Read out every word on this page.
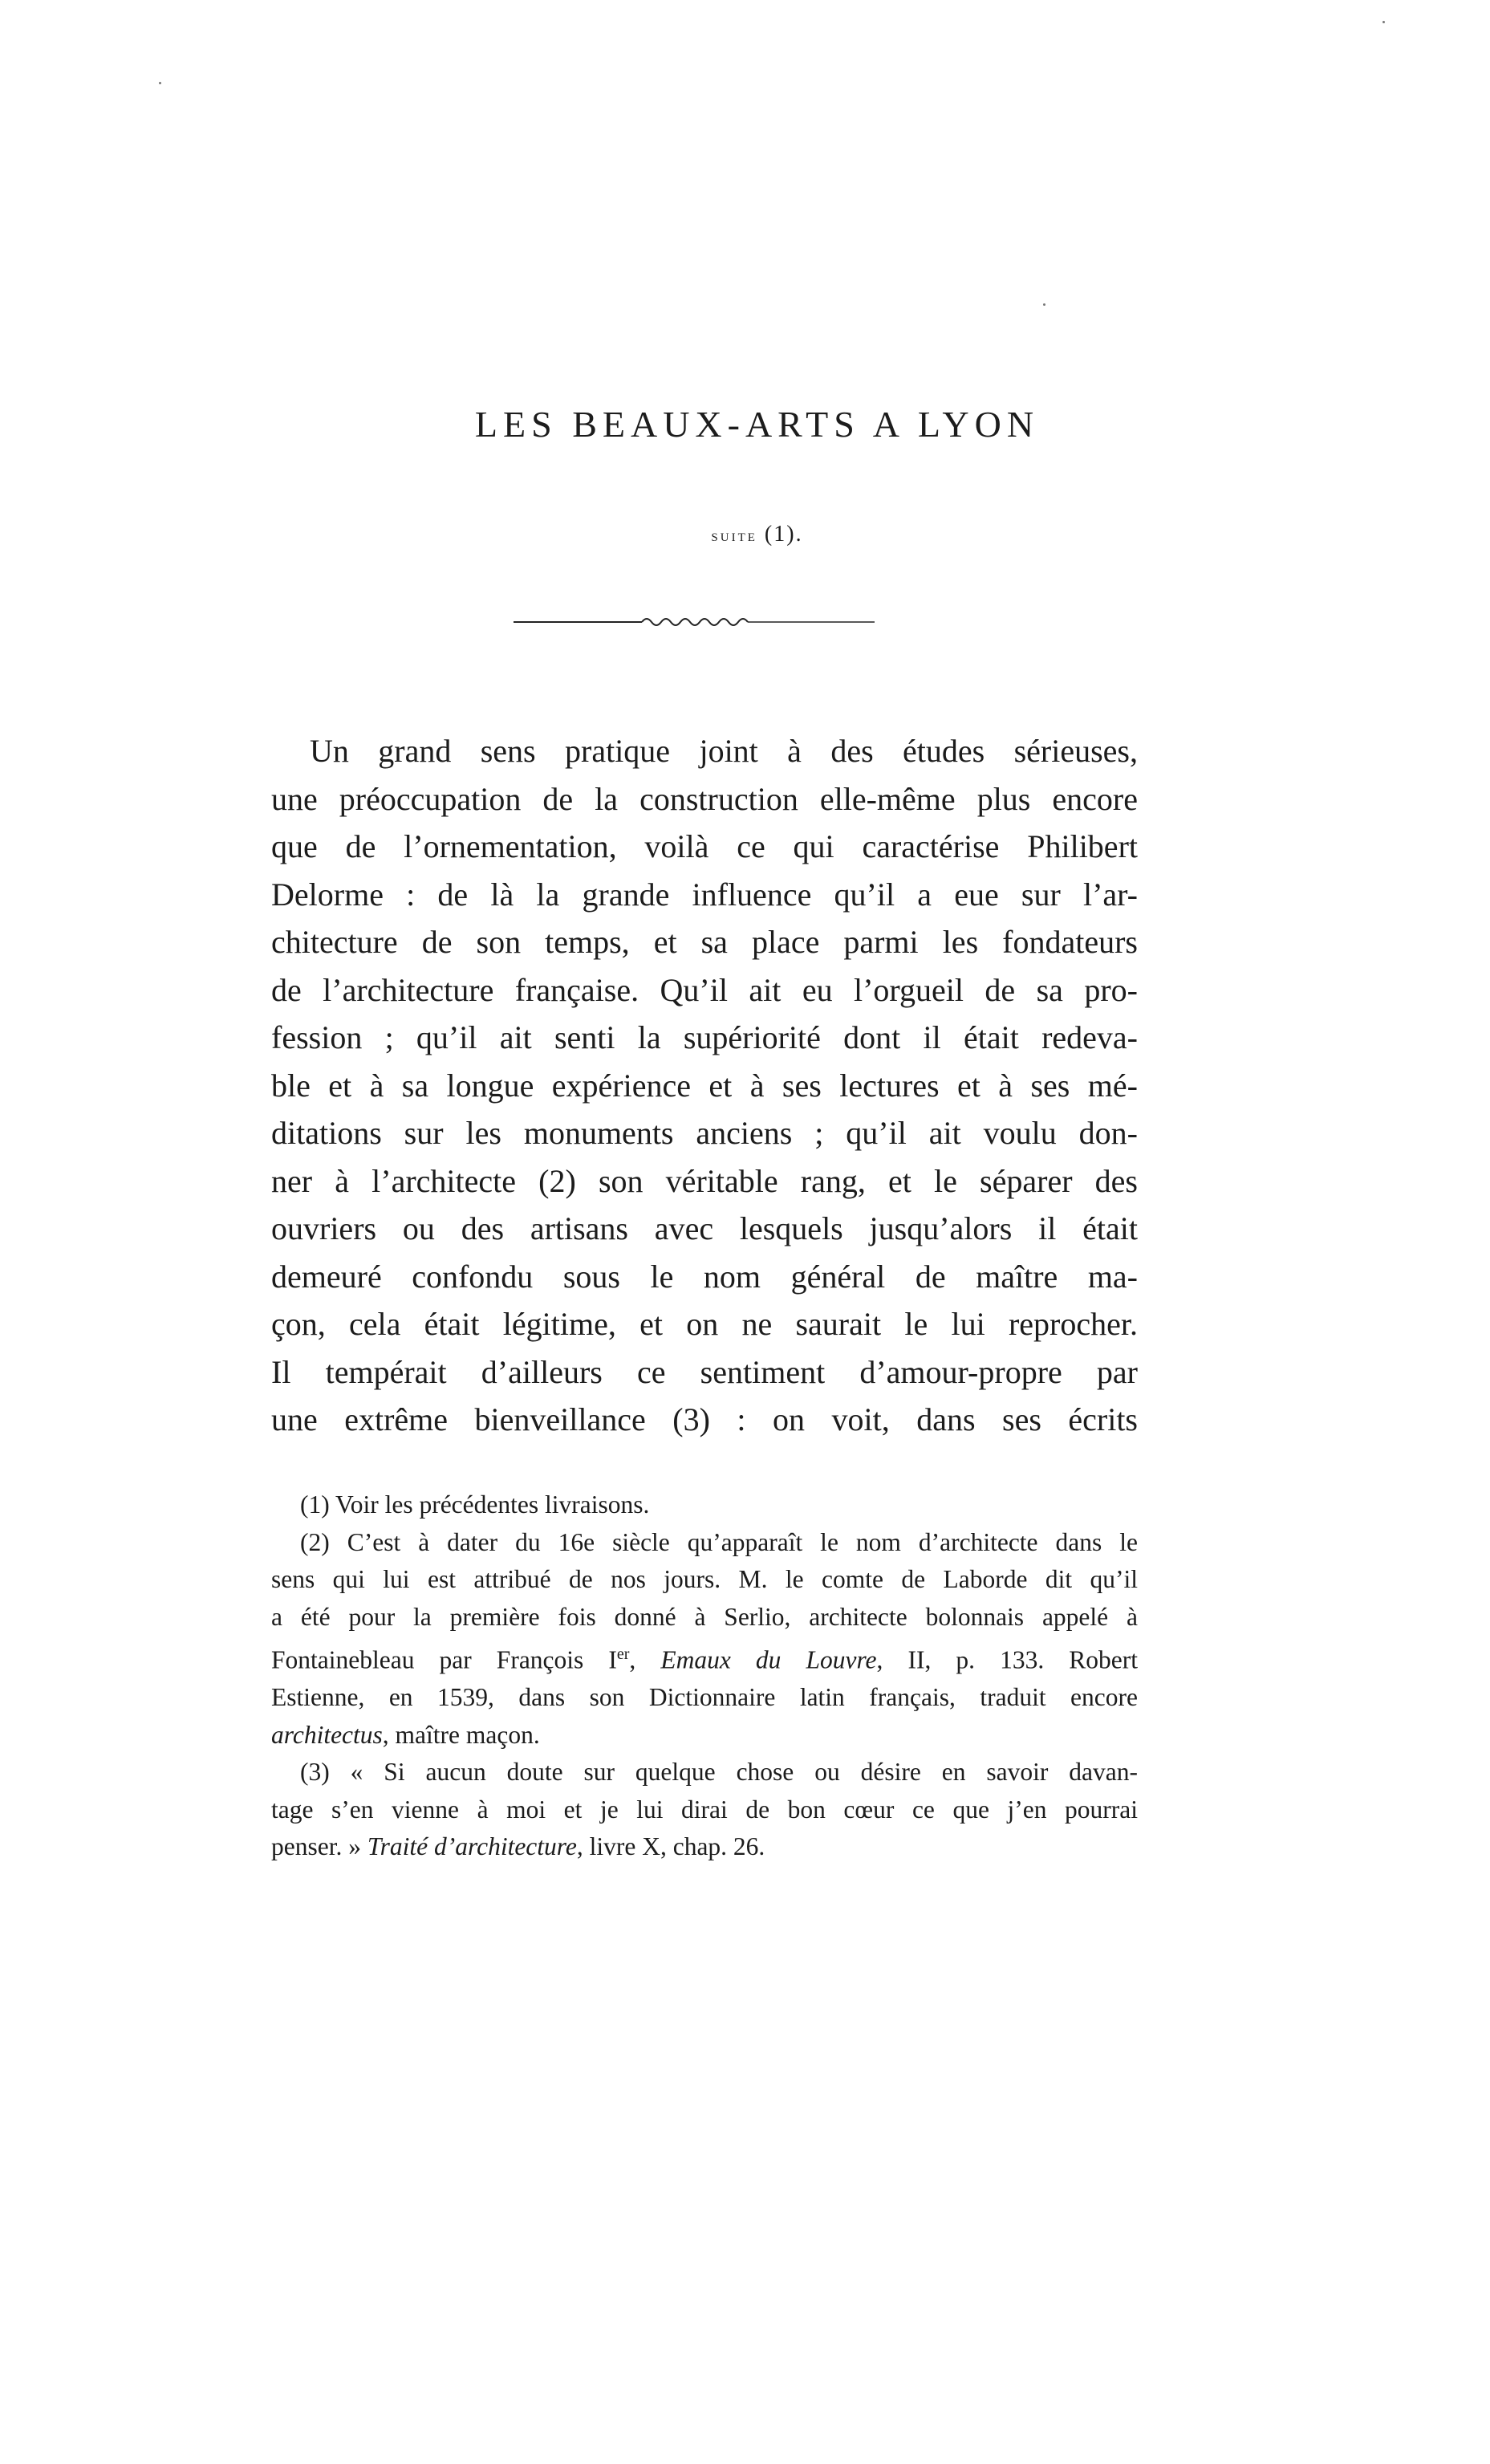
LES BEAUX-ARTS A LYON
suite (1).
Un grand sens pratique joint à des études sérieuses,
une préoccupation de la construction elle-même plus encore
que de l’ornementation, voilà ce qui caractérise Philibert
Delorme : de là la grande influence qu’il a eue sur l’ar-
chitecture de son temps, et sa place parmi les fondateurs
de l’architecture française. Qu’il ait eu l’orgueil de sa pro-
fession ; qu’il ait senti la supériorité dont il était redeva-
ble et à sa longue expérience et à ses lectures et à ses mé-
ditations sur les monuments anciens ; qu’il ait voulu don-
ner à l’architecte (2) son véritable rang, et le séparer des
ouvriers ou des artisans avec lesquels jusqu’alors il était
demeuré confondu sous le nom général de maître ma-
çon, cela était légitime, et on ne saurait le lui reprocher.
Il tempérait d’ailleurs ce sentiment d’amour-propre par
une extrême bienveillance (3) : on voit, dans ses écrits
(1) Voir les précédentes livraisons.
(2) C’est à dater du 16e siècle qu’apparaît le nom d’architecte dans le
sens qui lui est attribué de nos jours. M. le comte de Laborde dit qu’il
a été pour la première fois donné à Serlio, architecte bolonnais appelé à
Fontainebleau par François Ier, Emaux du Louvre, II, p. 133. Robert
Estienne, en 1539, dans son Dictionnaire latin français, traduit encore
architectus, maître maçon.
(3) « Si aucun doute sur quelque chose ou désire en savoir davan-
tage s’en vienne à moi et je lui dirai de bon cœur ce que j’en pourrai
penser. » Traité d’architecture, livre X, chap. 26.
